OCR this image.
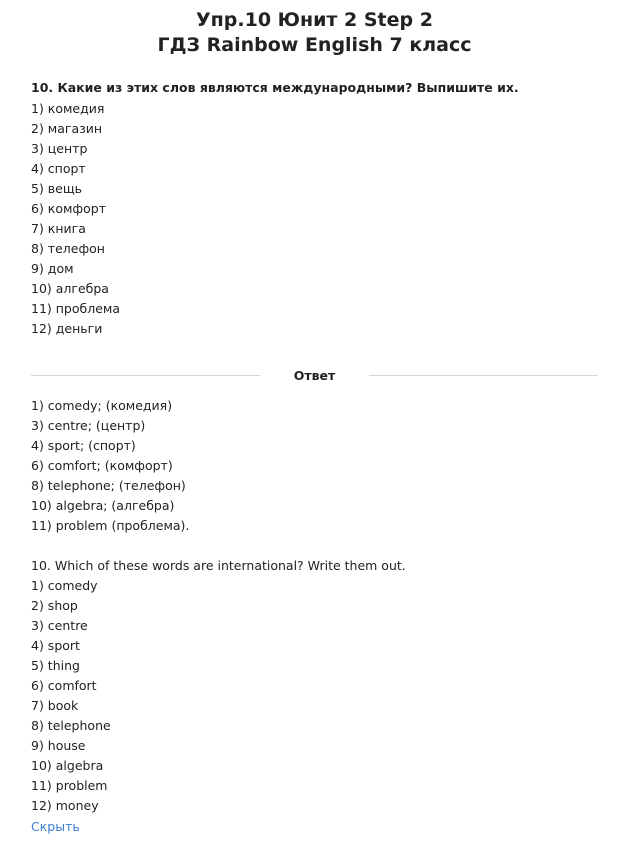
Упр.10 Юнит 2 Step 2
ГДЗ Rainbow English 7 класс
10. Какие из этих слов являются международными? Выпишите их.
1) комедия
2) магазин
3) центр
4) спорт
5) вещь
6) комфорт
7) книга
8) телефон
9) дом
10) алгебра
11) проблема
12) деньги
Ответ
1) comedy; (комедия)
3) centre; (центр)
4) sport; (спорт)
6) comfort; (комфорт)
8) telephone; (телефон)
10) algebra; (алгебра)
11) problem (проблема).
10. Which of these words are international? Write them out.
1) comedy
2) shop
3) centre
4) sport
5) thing
6) comfort
7) book
8) telephone
9) house
10) algebra
11) problem
12) money
Скрыть
